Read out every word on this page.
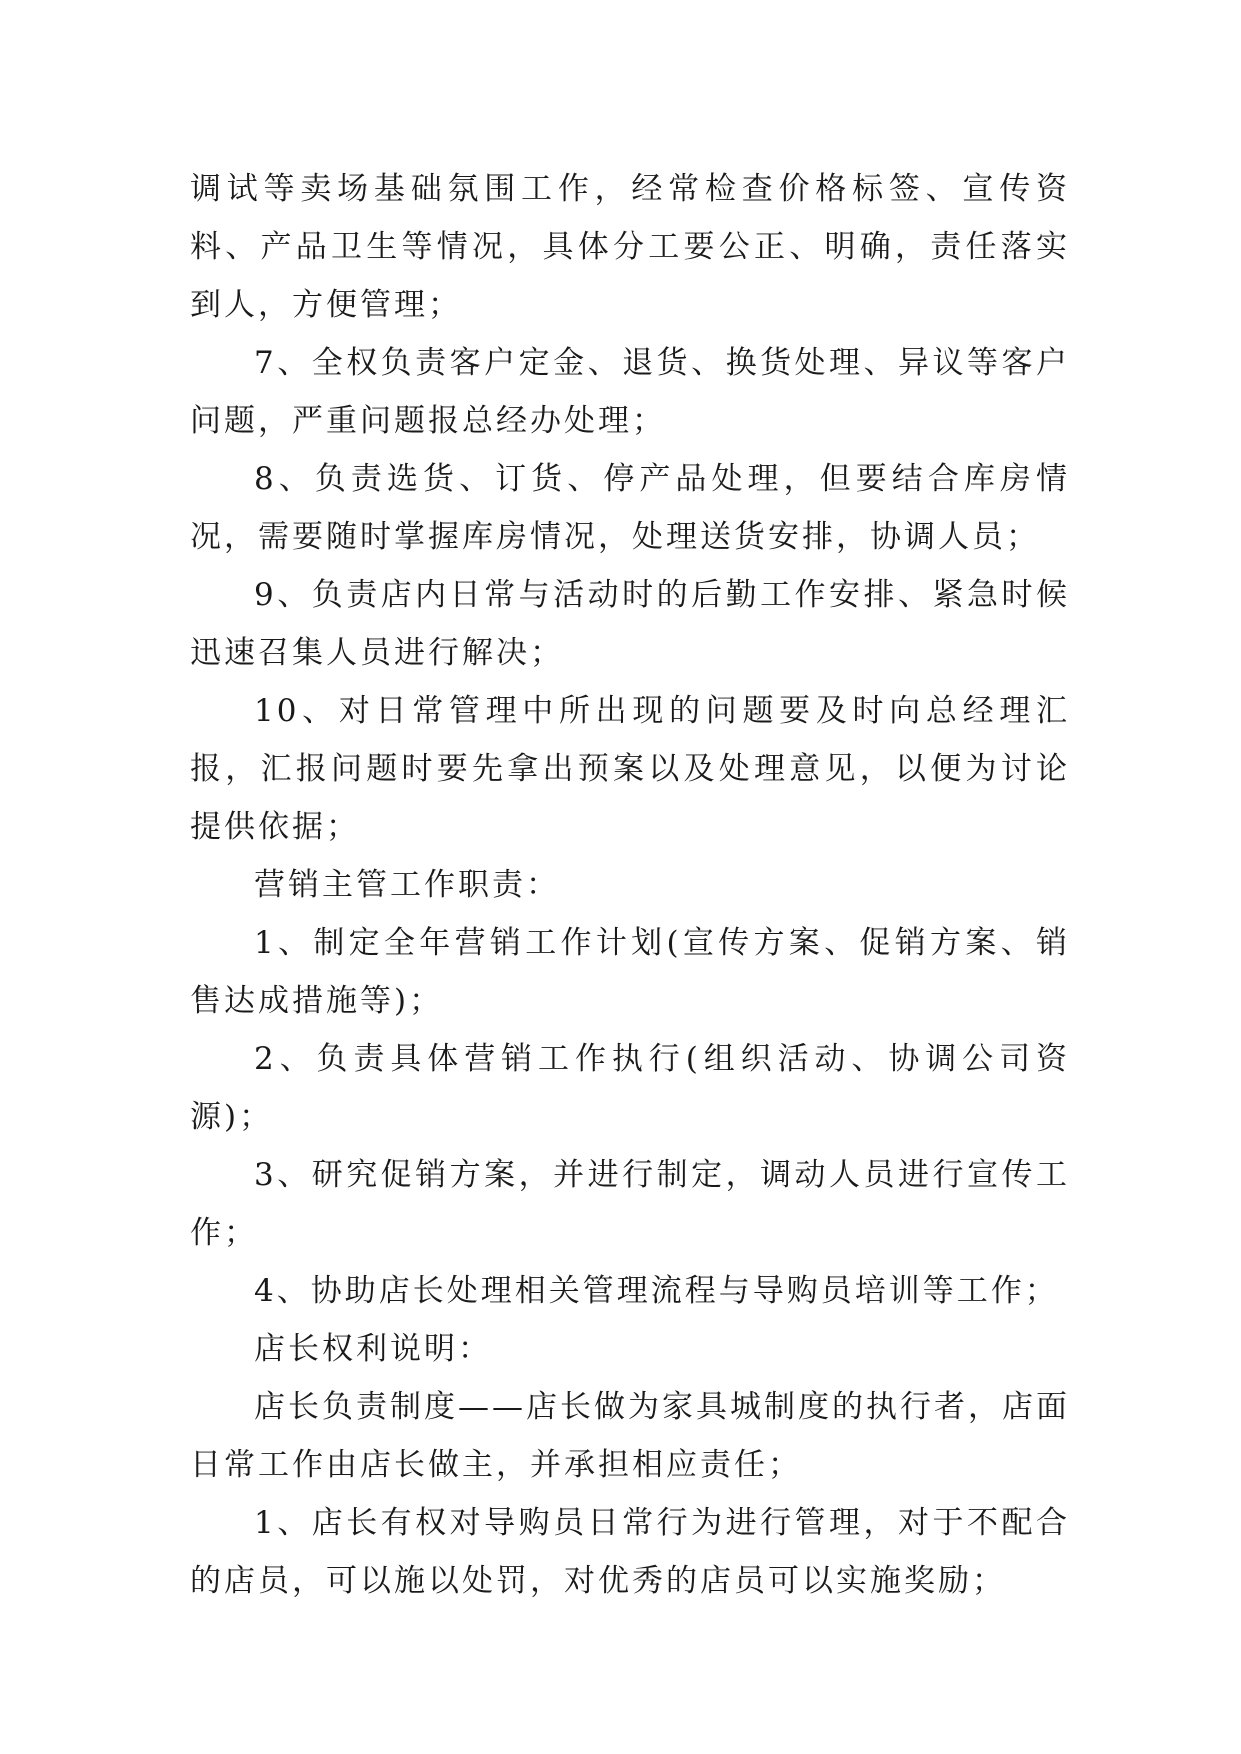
调试等卖场基础氛围工作，经常检查价格标签、宣传资料、产品卫生等情况，具体分工要公正、明确，责任落实到人，方便管理；

7、全权负责客户定金、退货、换货处理、异议等客户问题，严重问题报总经办处理；

8、负责选货、订货、停产品处理，但要结合库房情况，需要随时掌握库房情况，处理送货安排，协调人员；

9、负责店内日常与活动时的后勤工作安排、紧急时候迅速召集人员进行解决；

10、对日常管理中所出现的问题要及时向总经理汇报，汇报问题时要先拿出预案以及处理意见，以便为讨论提供依据；

营销主管工作职责：

1、制定全年营销工作计划(宣传方案、促销方案、销售达成措施等)；

2、负责具体营销工作执行(组织活动、协调公司资源)；

3、研究促销方案，并进行制定，调动人员进行宣传工作；

4、协助店长处理相关管理流程与导购员培训等工作；

店长权利说明：

店长负责制度——店长做为家具城制度的执行者，店面日常工作由店长做主，并承担相应责任；

1、店长有权对导购员日常行为进行管理，对于不配合的店员，可以施以处罚，对优秀的店员可以实施奖励；
